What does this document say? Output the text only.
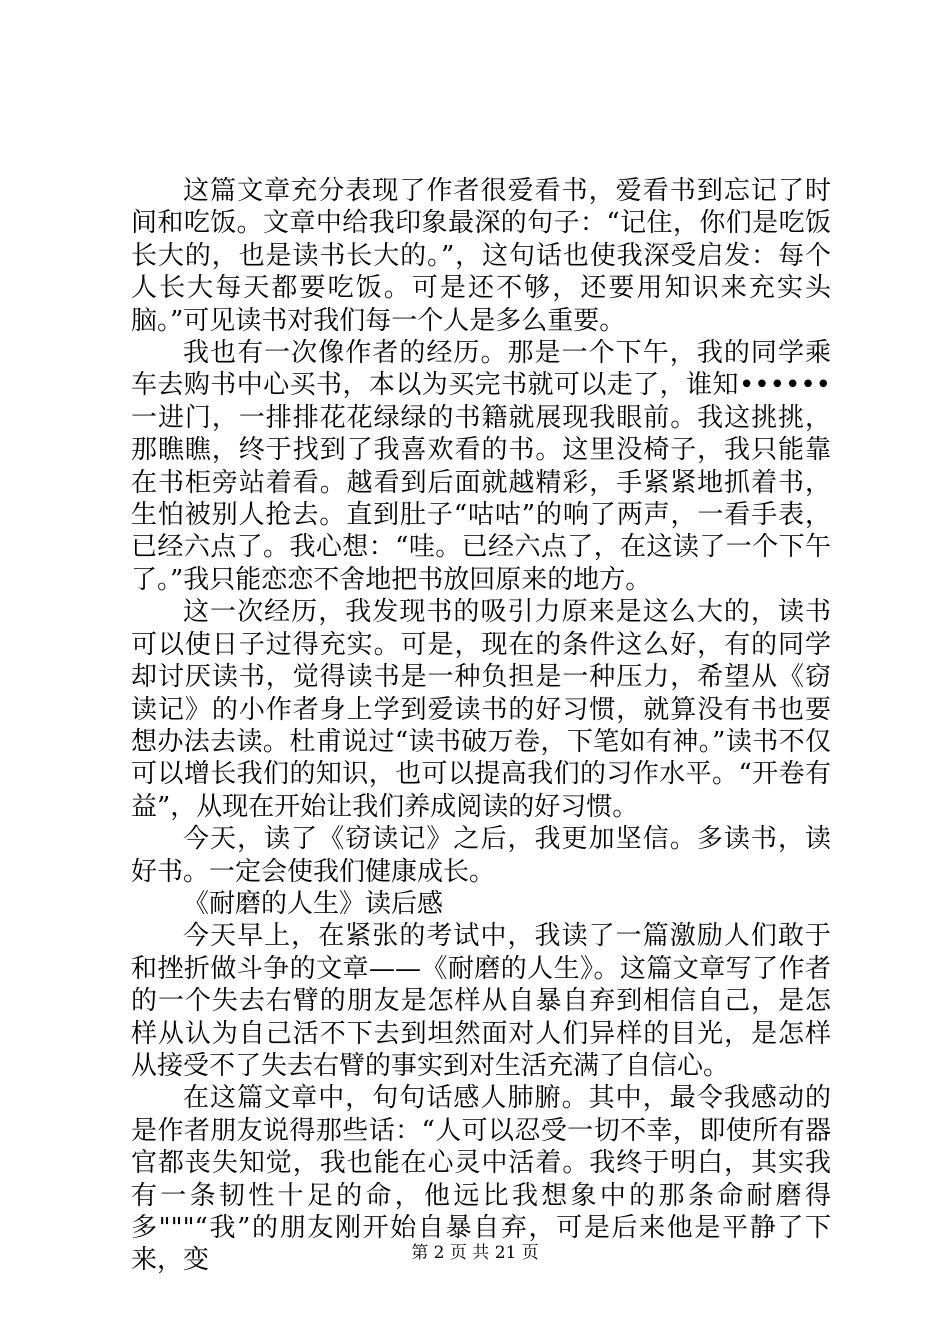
这篇文章充分表现了作者很爱看书，爱看书到忘记了时间和吃饭。文章中给我印象最深的句子：“记住，你们是吃饭长大的，也是读书长大的。”，这句话也使我深受启发：每个人长大每天都要吃饭。可是还不够，还要用知识来充实头脑。”可见读书对我们每一个人是多么重要。

我也有一次像作者的经历。那是一个下午，我的同学乘车去购书中心买书，本以为买完书就可以走了，谁知••••••一进门，一排排花花绿绿的书籍就展现我眼前。我这挑挑，那瞧瞧，终于找到了我喜欢看的书。这里没椅子，我只能靠在书柜旁站着看。越看到后面就越精彩，手紧紧地抓着书，生怕被别人抢去。直到肚子“咕咕”的响了两声，一看手表，已经六点了。我心想：“哇。已经六点了，在这读了一个下午了。”我只能恋恋不舍地把书放回原来的地方。

这一次经历，我发现书的吸引力原来是这么大的，读书可以使日子过得充实。可是，现在的条件这么好，有的同学却讨厌读书，觉得读书是一种负担是一种压力，希望从《窃读记》的小作者身上学到爱读书的好习惯，就算没有书也要想办法去读。杜甫说过“读书破万卷，下笔如有神。”读书不仅可以增长我们的知识，也可以提高我们的习作水平。“开卷有益”，从现在开始让我们养成阅读的好习惯。

今天，读了《窃读记》之后，我更加坚信。多读书，读好书。一定会使我们健康成长。

《耐磨的人生》读后感

今天早上，在紧张的考试中，我读了一篇激励人们敢于和挫折做斗争的文章——《耐磨的人生》。这篇文章写了作者的一个失去右臂的朋友是怎样从自暴自弃到相信自己，是怎样从认为自己活不下去到坦然面对人们异样的目光，是怎样从接受不了失去右臂的事实到对生活充满了自信心。

在这篇文章中，句句话感人肺腑。其中，最令我感动的是作者朋友说得那些话：“人可以忍受一切不幸，即使所有器官都丧失知觉，我也能在心灵中活着。我终于明白，其实我有一条韧性十足的命，他远比我想象中的那条命耐磨得多"""“我”的朋友刚开始自暴自弃，可是后来他是平静了下来，变	第 2 页 共 21 页
